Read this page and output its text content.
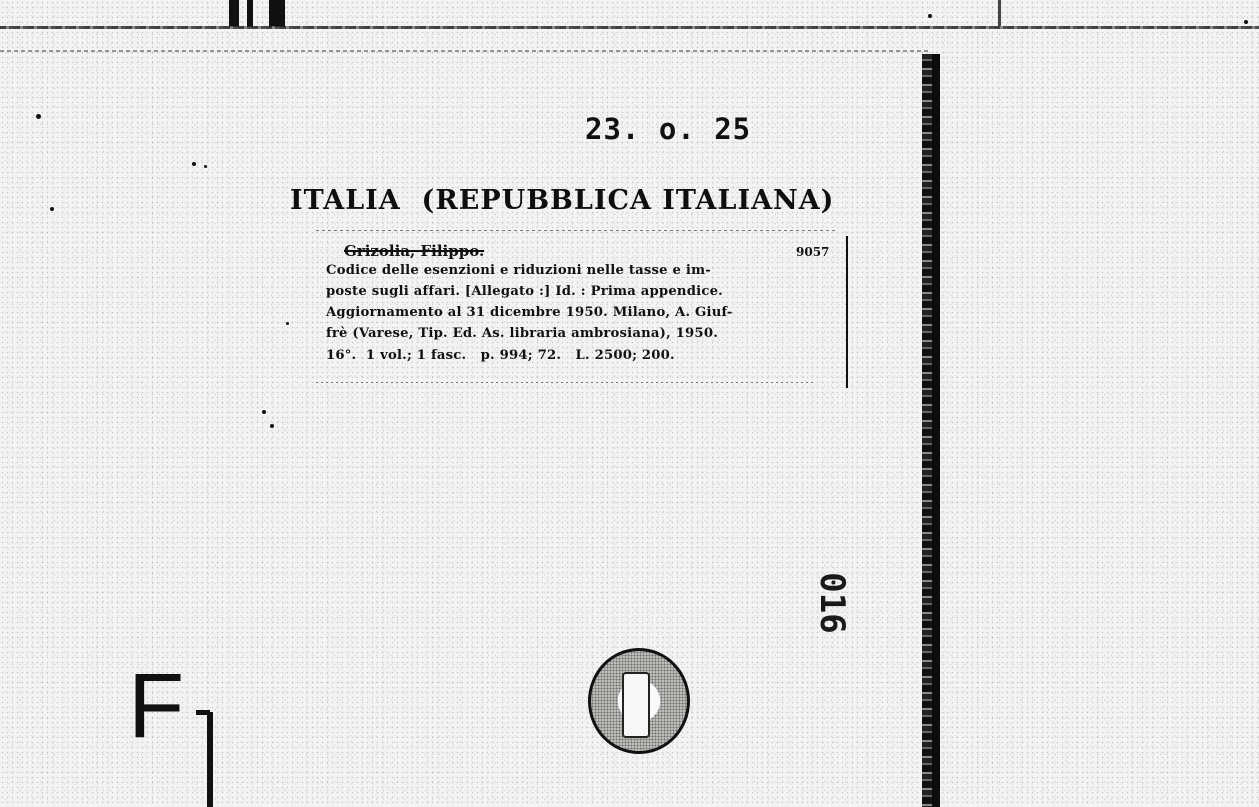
23. o. 25
ITALIA  (REPUBBLICA ITALIANA)
Grizolia, Filippo.	9057
Codice delle esenzioni e riduzioni nelle tasse e im-
poste sugli affari. [Allegato :] Id. : Prima appendice.
Aggiornamento al 31 dicembre 1950. Milano, A. Giuf-
frè (Varese, Tip. Ed. As. libraria ambrosiana), 1950.
16°.  1 vol.; 1 fasc.   p. 994; 72.   L. 2500; 200.
016
F
